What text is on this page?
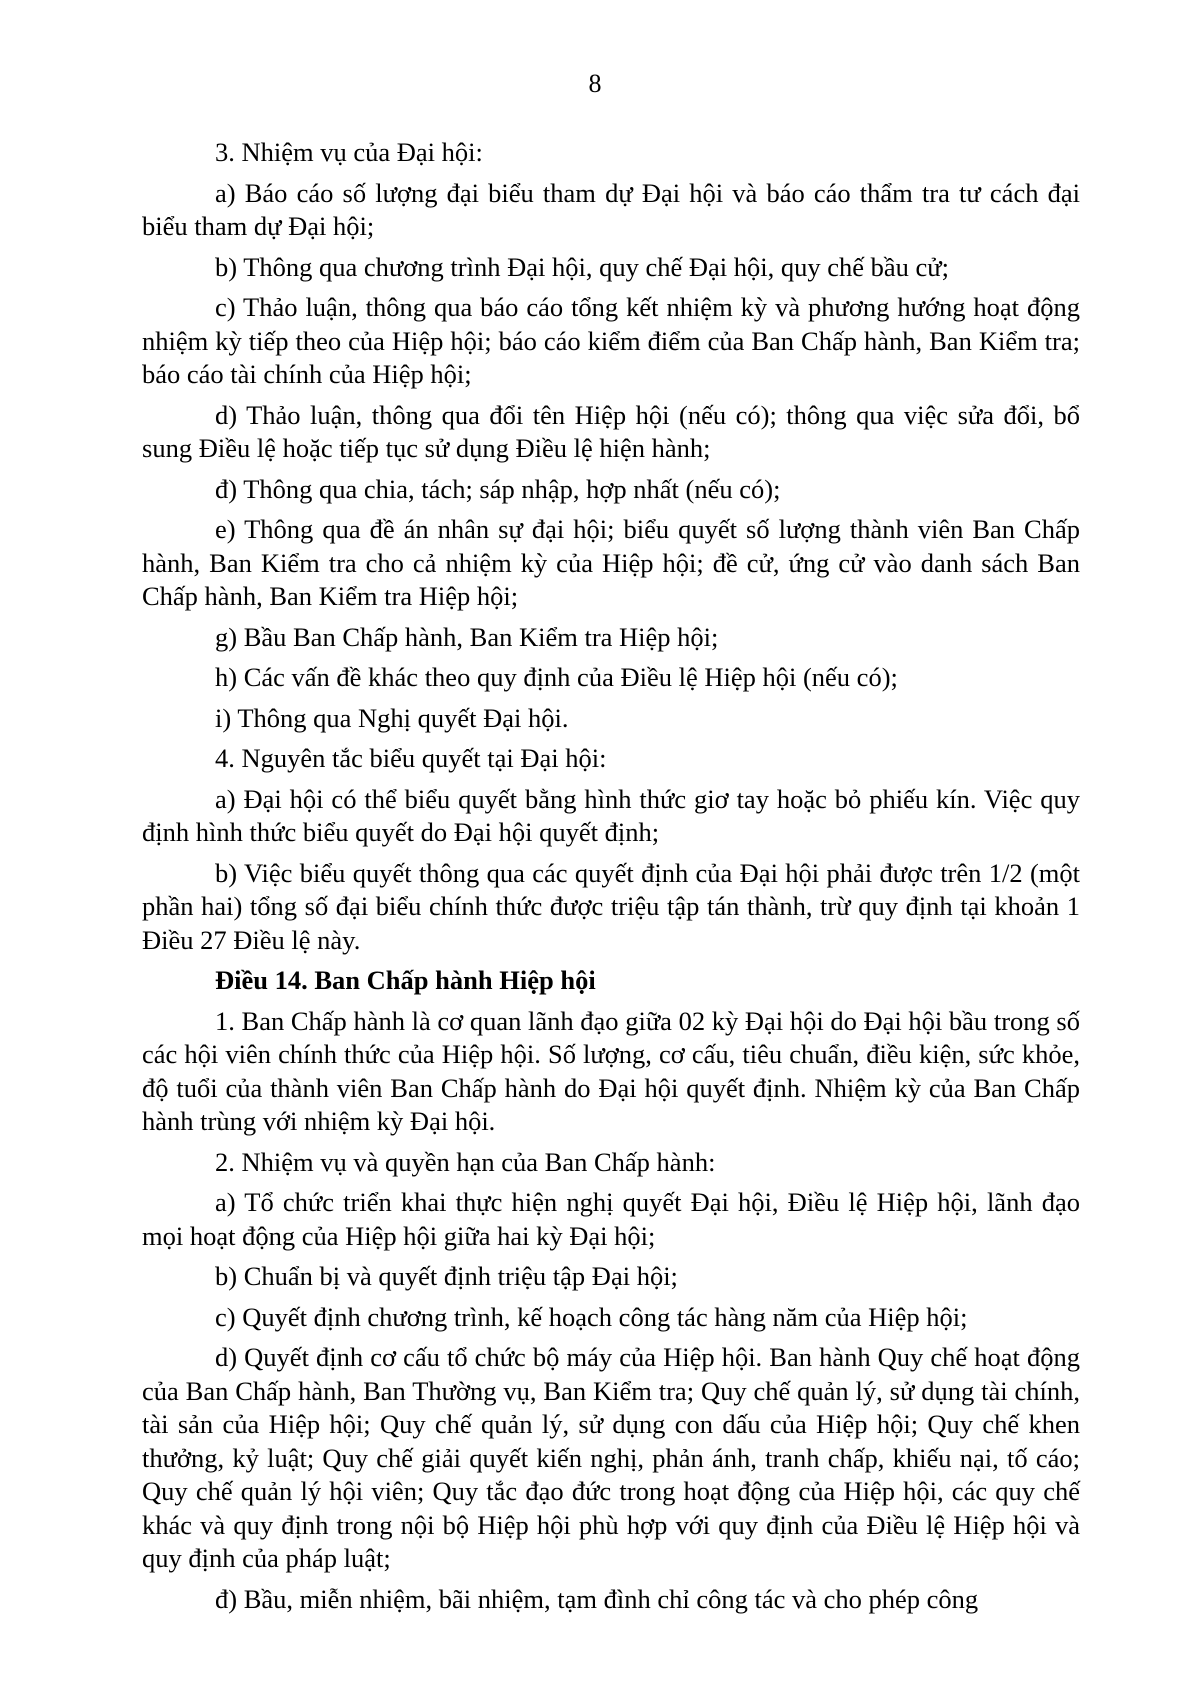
8

3. Nhiệm vụ của Đại hội:

a) Báo cáo số lượng đại biểu tham dự Đại hội và báo cáo thẩm tra tư cách đại biểu tham dự Đại hội;

b) Thông qua chương trình Đại hội, quy chế Đại hội, quy chế bầu cử;

c) Thảo luận, thông qua báo cáo tổng kết nhiệm kỳ và phương hướng hoạt động nhiệm kỳ tiếp theo của Hiệp hội; báo cáo kiểm điểm của Ban Chấp hành, Ban Kiểm tra; báo cáo tài chính của Hiệp hội;

d) Thảo luận, thông qua đổi tên Hiệp hội (nếu có); thông qua việc sửa đổi, bổ sung Điều lệ hoặc tiếp tục sử dụng Điều lệ hiện hành;

đ) Thông qua chia, tách; sáp nhập, hợp nhất (nếu có);

e) Thông qua đề án nhân sự đại hội; biểu quyết số lượng thành viên Ban Chấp hành, Ban Kiểm tra cho cả nhiệm kỳ của Hiệp hội; đề cử, ứng cử vào danh sách Ban Chấp hành, Ban Kiểm tra Hiệp hội;

g) Bầu Ban Chấp hành, Ban Kiểm tra Hiệp hội;

h) Các vấn đề khác theo quy định của Điều lệ Hiệp hội (nếu có);

i) Thông qua Nghị quyết Đại hội.

4. Nguyên tắc biểu quyết tại Đại hội:

a) Đại hội có thể biểu quyết bằng hình thức giơ tay hoặc bỏ phiếu kín. Việc quy định hình thức biểu quyết do Đại hội quyết định;

b) Việc biểu quyết thông qua các quyết định của Đại hội phải được trên 1/2 (một phần hai) tổng số đại biểu chính thức được triệu tập tán thành, trừ quy định tại khoản 1 Điều 27 Điều lệ này.

Điều 14. Ban Chấp hành Hiệp hội

1. Ban Chấp hành là cơ quan lãnh đạo giữa 02 kỳ Đại hội do Đại hội bầu trong số các hội viên chính thức của Hiệp hội. Số lượng, cơ cấu, tiêu chuẩn, điều kiện, sức khỏe, độ tuổi của thành viên Ban Chấp hành do Đại hội quyết định. Nhiệm kỳ của Ban Chấp hành trùng với nhiệm kỳ Đại hội.

2. Nhiệm vụ và quyền hạn của Ban Chấp hành:

a) Tổ chức triển khai thực hiện nghị quyết Đại hội, Điều lệ Hiệp hội, lãnh đạo mọi hoạt động của Hiệp hội giữa hai kỳ Đại hội;

b) Chuẩn bị và quyết định triệu tập Đại hội;

c) Quyết định chương trình, kế hoạch công tác hàng năm của Hiệp hội;

d) Quyết định cơ cấu tổ chức bộ máy của Hiệp hội. Ban hành Quy chế hoạt động của Ban Chấp hành, Ban Thường vụ, Ban Kiểm tra; Quy chế quản lý, sử dụng tài chính, tài sản của Hiệp hội; Quy chế quản lý, sử dụng con dấu của Hiệp hội; Quy chế khen thưởng, kỷ luật; Quy chế giải quyết kiến nghị, phản ánh, tranh chấp, khiếu nại, tố cáo; Quy chế quản lý hội viên; Quy tắc đạo đức trong hoạt động của Hiệp hội, các quy chế khác và quy định trong nội bộ Hiệp hội phù hợp với quy định của Điều lệ Hiệp hội và quy định của pháp luật;

đ) Bầu, miễn nhiệm, bãi nhiệm, tạm đình chỉ công tác và cho phép công
